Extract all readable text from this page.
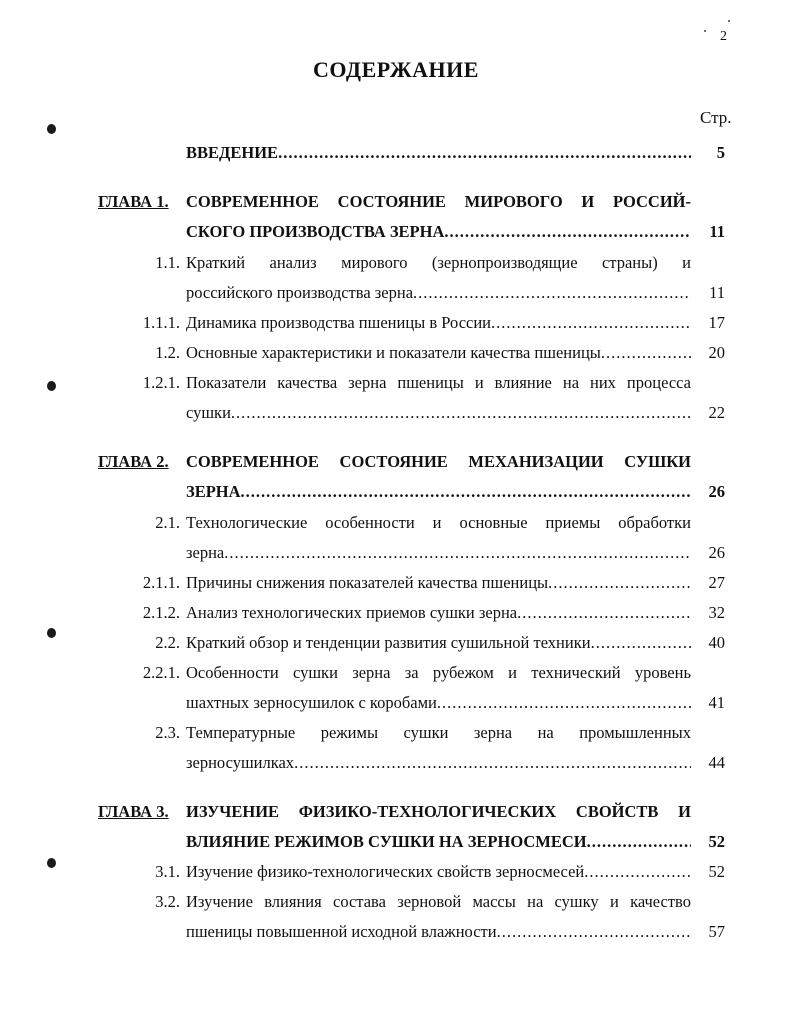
2
СОДЕРЖАНИЕ
Стр.
ВВЕДЕНИЕ .....	5
ГЛАВА 1.	СОВРЕМЕННОЕ СОСТОЯНИЕ МИРОВОГО И РОССИЙ-
СКОГО ПРОИЗВОДСТВА ЗЕРНА .....	11
1.1. Краткий анализ мирового (зернопроизводящие страны) и
российского производства зерна .....	11
1.1.1. Динамика производства пшеницы в России .....	17
1.2. Основные характеристики и показатели качества пшеницы .....	20
1.2.1. Показатели качества зерна пшеницы и влияние на них процесса
сушки .....	22
ГЛАВА 2.	СОВРЕМЕННОЕ СОСТОЯНИЕ МЕХАНИЗАЦИИ СУШКИ
ЗЕРНА .....	26
2.1. Технологические особенности и основные приемы обработки
зерна .....	26
2.1.1. Причины снижения показателей качества пшеницы .....	27
2.1.2. Анализ технологических приемов сушки зерна .....	32
2.2. Краткий обзор и тенденции развития сушильной техники .....	40
2.2.1. Особенности сушки зерна за рубежом и технический уровень
шахтных зерносушилок с коробами .....	41
2.3. Температурные режимы сушки зерна на промышленных
зерносушилках .....	44
ГЛАВА 3.	ИЗУЧЕНИЕ ФИЗИКО-ТЕХНОЛОГИЧЕСКИХ СВОЙСТВ И
ВЛИЯНИЕ РЕЖИМОВ СУШКИ НА ЗЕРНОСМЕСИ .....	52
3.1. Изучение физико-технологических свойств зерносмесей .....	52
3.2. Изучение влияния состава зерновой массы на сушку и качество
пшеницы повышенной исходной влажности .....	57
